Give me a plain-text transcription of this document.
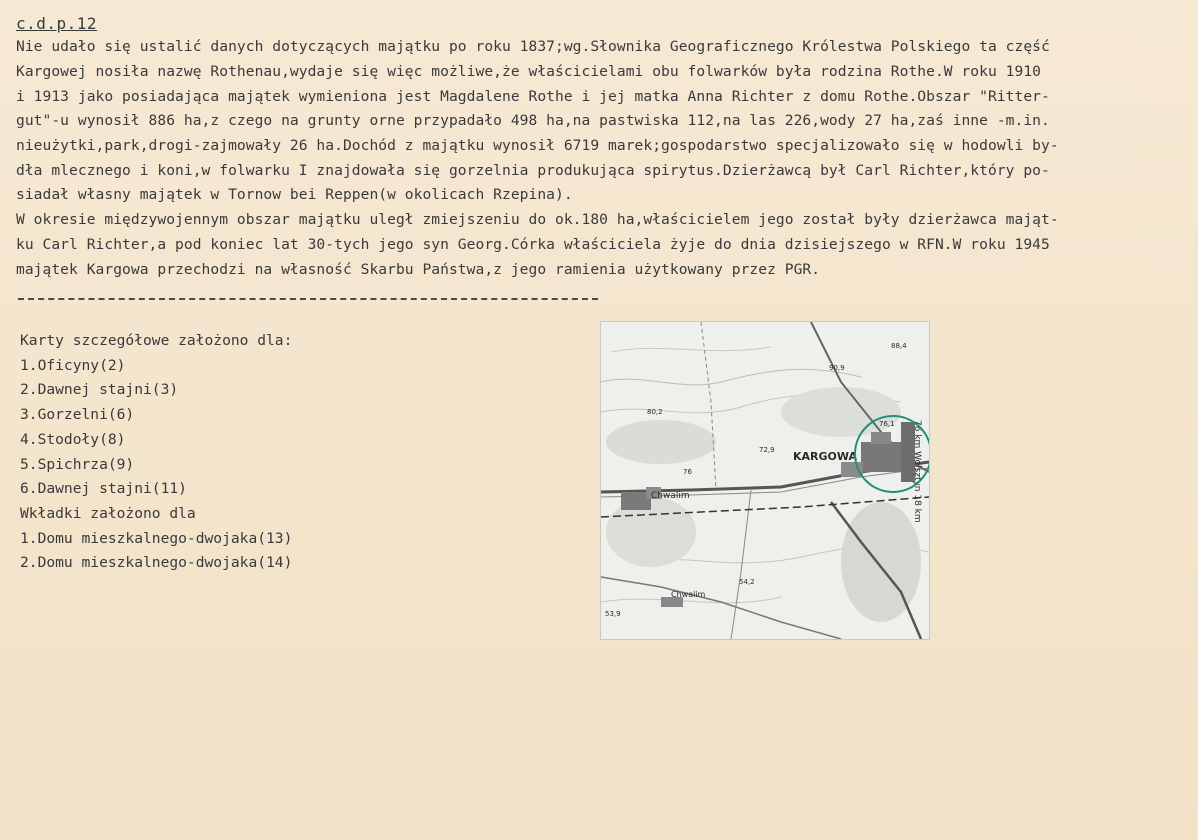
c.d.p.12
Nie udało się ustalić danych dotyczących majątku po roku 1837;wg.Słownika Geograficznego Królestwa Polskiego ta część
Kargowej nosiła nazwę Rothenau,wydaje się więc możliwe,że właścicielami obu folwarków była rodzina Rothe.W roku 1910
i 1913 jako posiadająca majątek wymieniona jest Magdalene Rothe i jej matka Anna Richter z domu Rothe.Obszar "Ritter-
gut"-u wynosił 886 ha,z czego na grunty orne przypadało 498 ha,na pastwiska 112,na las 226,wody 27 ha,zaś inne -m.in.
nieużytki,park,drogi-zajmowały 26 ha.Dochód z majątku wynosił 6719 marek;gospodarstwo specjalizowało się w hodowli by-
dła mlecznego i koni,w folwarku I znajdowała się gorzelnia produkująca spirytus.Dzierżawcą był Carl Richter,który po-
siadał własny majątek w Tornow bei Reppen(w okolicach Rzepina).
W okresie międzywojennym obszar majątku uległ zmiejszeniu do ok.180 ha,właścicielem jego został były dzierżawca mająt-
ku Carl Richter,a pod koniec lat 30-tych jego syn Georg.Córka właściciela żyje do dnia dzisiejszego w RFN.W roku 1945
majątek Kargowa przechodzi na własność Skarbu Państwa,z jego ramienia użytkowany przez PGR.
Karty szczegółowe założono dla:
1.Oficyny(2)
2.Dawnej stajni(3)
3.Gorzelni(6)
4.Stodoły(8)
5.Spichrza(9)
6.Dawnej stajni(11)
Wkładki założono dla
1.Domu mieszkalnego-dwojaka(13)
2.Domu mieszkalnego-dwojaka(14)
KARGOWA
Chwalim
Chwalim
80,2
72,9
76
54,2
53,9
90,9
88,4
76,1 76 km Wolsztyn 18 km
